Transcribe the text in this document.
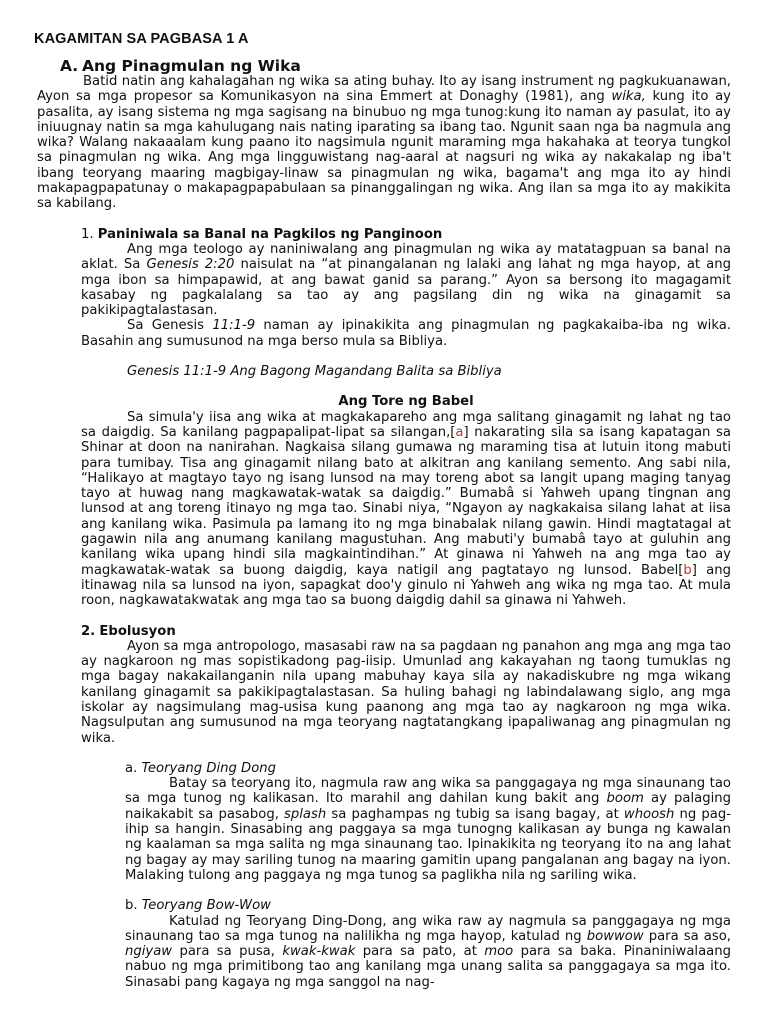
KAGAMITAN SA PAGBASA 1 A
A. Ang Pinagmulan ng Wika

Batid natin ang kahalagahan ng wika sa ating buhay. Ito ay isang instrument ng pagkukuanawan, Ayon sa mga propesor sa Komunikasyon na sina Emmert at Donaghy (1981), ang wika, kung ito ay pasalita, ay isang sistema ng mga sagisang na binubuo ng mga tunog:kung ito naman ay pasulat, ito ay iniuugnay natin sa mga kahulugang nais nating iparating sa ibang tao. Ngunit saan nga ba nagmula ang wika? Walang nakaaalam kung paano ito nagsimula ngunit maraming mga hakahaka at teorya tungkol sa pinagmulan ng wika. Ang mga lingguwistang nag-aaral at nagsuri ng wika ay nakakalap ng iba't ibang teoryang maaring magbigay-linaw sa pinagmulan ng wika, bagama't ang mga ito ay hindi makapagpapatunay o makapagpapabulaan sa pinanggalingan ng wika. Ang ilan sa mga ito ay makikita sa kabilang.

1. Paniniwala sa Banal na Pagkilos ng Panginoon

Ang mga teologo ay naniniwalang ang pinagmulan ng wika ay matatagpuan sa banal na aklat. Sa Genesis 2:20 naisulat na “at pinangalanan ng lalaki ang lahat ng mga hayop, at ang mga ibon sa himpapawid, at ang bawat ganid sa parang.” Ayon sa bersong ito magagamit kasabay ng pagkalalang sa tao ay ang pagsilang din ng wika na ginagamit sa pakikipagtalastasan.

Sa Genesis 11:1-9 naman ay ipinakikita ang pinagmulan ng pagkakaiba-iba ng wika. Basahin ang sumusunod na mga berso mula sa Bibliya.

Genesis 11:1-9 Ang Bagong Magandang Balita sa Bibliya

Ang Tore ng Babel

Sa simula'y iisa ang wika at magkakapareho ang mga salitang ginagamit ng lahat ng tao sa daigdig. Sa kanilang pagpapalipat-lipat sa silangan,[a] nakarating sila sa isang kapatagan sa Shinar at doon na nanirahan. Nagkaisa silang gumawa ng maraming tisa at lutuin itong mabuti para tumibay. Tisa ang ginagamit nilang bato at alkitran ang kanilang semento. Ang sabi nila, “Halikayo at magtayo tayo ng isang lunsod na may toreng abot sa langit upang maging tanyag tayo at huwag nang magkawatak-watak sa daigdig.” Bumabâ si Yahweh upang tingnan ang lunsod at ang toreng itinayo ng mga tao. Sinabi niya, “Ngayon ay nagkakaisa silang lahat at iisa ang kanilang wika. Pasimula pa lamang ito ng mga binabalak nilang gawin. Hindi magtatagal at gagawin nila ang anumang kanilang magustuhan. Ang mabuti'y bumabâ tayo at guluhin ang kanilang wika upang hindi sila magkaintindihan.” At ginawa ni Yahweh na ang mga tao ay magkawatak-watak sa buong daigdig, kaya natigil ang pagtatayo ng lunsod. Babel[b] ang itinawag nila sa lunsod na iyon, sapagkat doo'y ginulo ni Yahweh ang wika ng mga tao. At mula roon, nagkawatakwatak ang mga tao sa buong daigdig dahil sa ginawa ni Yahweh.

2. Ebolusyon

Ayon sa mga antropologo, masasabi raw na sa pagdaan ng panahon ang mga ang mga tao ay nagkaroon ng mas sopistikadong pag-iisip. Umunlad ang kakayahan ng taong tumuklas ng mga bagay nakakailanganin nila upang mabuhay kaya sila ay nakadiskubre ng mga wikang kanilang ginagamit sa pakikipagtalastasan. Sa huling bahagi ng labindalawang siglo, ang mga iskolar ay nagsimulang mag-usisa kung paanong ang mga tao ay nagkaroon ng mga wika. Nagsulputan ang sumusunod na mga teoryang nagtatangkang ipapaliwanag ang pinagmulan ng wika.

a. Teoryang Ding Dong

Batay sa teoryang ito, nagmula raw ang wika sa panggagaya ng mga sinaunang tao sa mga tunog ng kalikasan. Ito marahil ang dahilan kung bakit ang boom ay palaging naikakabit sa pasabog, splash sa paghampas ng tubig sa isang bagay, at whoosh ng pag-ihip sa hangin. Sinasabing ang paggaya sa mga tunogng kalikasan ay bunga ng kawalan ng kaalaman sa mga salita ng mga sinaunang tao. Ipinakikita ng teoryang ito na ang lahat ng bagay ay may sariling tunog na maaring gamitin upang pangalanan ang bagay na iyon. Malaking tulong ang paggaya ng mga tunog sa paglikha nila ng sariling wika.

b. Teoryang Bow-Wow

Katulad ng Teoryang Ding-Dong, ang wika raw ay nagmula sa panggagaya ng mga sinaunang tao sa mga tunog na nalilikha ng mga hayop, katulad ng bowwow para sa aso, ngiyaw para sa pusa, kwak-kwak para sa pato, at moo para sa baka. Pinaniniwalaang nabuo ng mga primitibong tao ang kanilang mga unang salita sa panggagaya sa mga ito. Sinasabi pang kagaya ng mga sanggol na nag-
